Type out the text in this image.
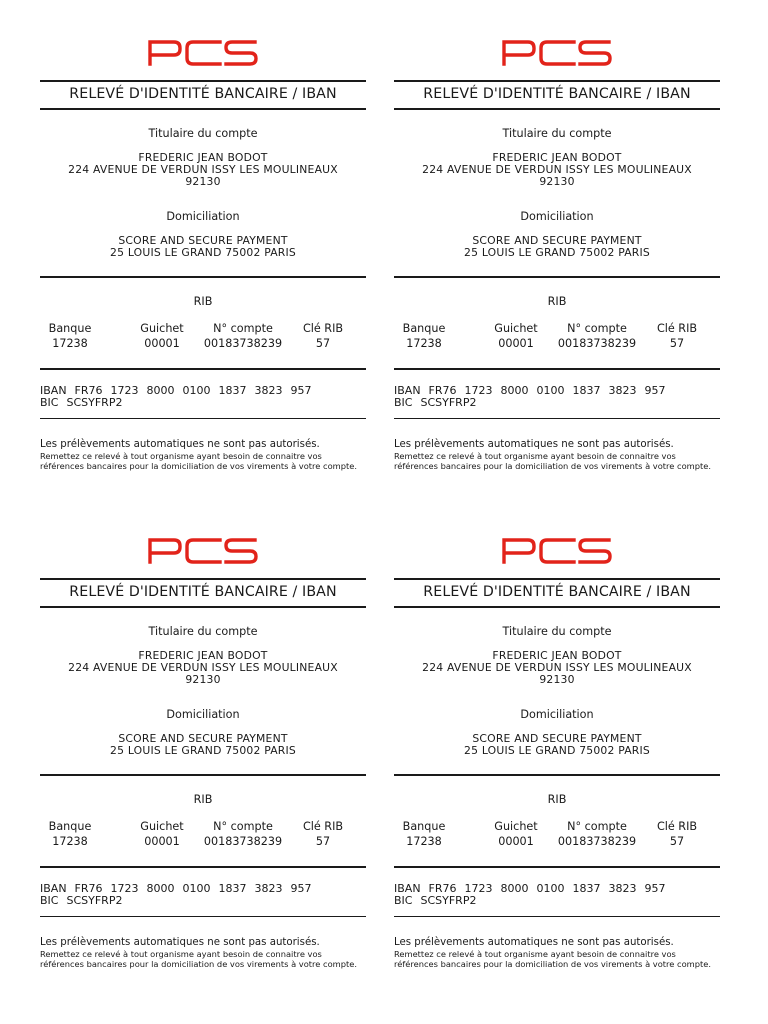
RELEVÉ D'IDENTITÉ BANCAIRE / IBAN
Titulaire du compte
FREDERIC JEAN BODOT
224 AVENUE DE VERDUN ISSY LES MOULINEAUX
92130
Domiciliation
SCORE AND SECURE PAYMENT
25 LOUIS LE GRAND 75002 PARIS
RIB
Banque
17238
Guichet
00001
N° compte
00183738239
Clé RIB
57
IBAN FR76 1723 8000 0100 1837 3823 957
BIC SCSYFRP2
Les prélèvements automatiques ne sont pas autorisés.
Remettez ce relevé à tout organisme ayant besoin de connaitre vos références bancaires pour la domiciliation de vos virements à votre compte.
RELEVÉ D'IDENTITÉ BANCAIRE / IBAN
Titulaire du compte
FREDERIC JEAN BODOT
224 AVENUE DE VERDUN ISSY LES MOULINEAUX
92130
Domiciliation
SCORE AND SECURE PAYMENT
25 LOUIS LE GRAND 75002 PARIS
RIB
Banque
17238
Guichet
00001
N° compte
00183738239
Clé RIB
57
IBAN FR76 1723 8000 0100 1837 3823 957
BIC SCSYFRP2
Les prélèvements automatiques ne sont pas autorisés.
Remettez ce relevé à tout organisme ayant besoin de connaitre vos références bancaires pour la domiciliation de vos virements à votre compte.
RELEVÉ D'IDENTITÉ BANCAIRE / IBAN
Titulaire du compte
FREDERIC JEAN BODOT
224 AVENUE DE VERDUN ISSY LES MOULINEAUX
92130
Domiciliation
SCORE AND SECURE PAYMENT
25 LOUIS LE GRAND 75002 PARIS
RIB
Banque
17238
Guichet
00001
N° compte
00183738239
Clé RIB
57
IBAN FR76 1723 8000 0100 1837 3823 957
BIC SCSYFRP2
Les prélèvements automatiques ne sont pas autorisés.
Remettez ce relevé à tout organisme ayant besoin de connaitre vos références bancaires pour la domiciliation de vos virements à votre compte.
RELEVÉ D'IDENTITÉ BANCAIRE / IBAN
Titulaire du compte
FREDERIC JEAN BODOT
224 AVENUE DE VERDUN ISSY LES MOULINEAUX
92130
Domiciliation
SCORE AND SECURE PAYMENT
25 LOUIS LE GRAND 75002 PARIS
RIB
Banque
17238
Guichet
00001
N° compte
00183738239
Clé RIB
57
IBAN FR76 1723 8000 0100 1837 3823 957
BIC SCSYFRP2
Les prélèvements automatiques ne sont pas autorisés.
Remettez ce relevé à tout organisme ayant besoin de connaitre vos références bancaires pour la domiciliation de vos virements à votre compte.
